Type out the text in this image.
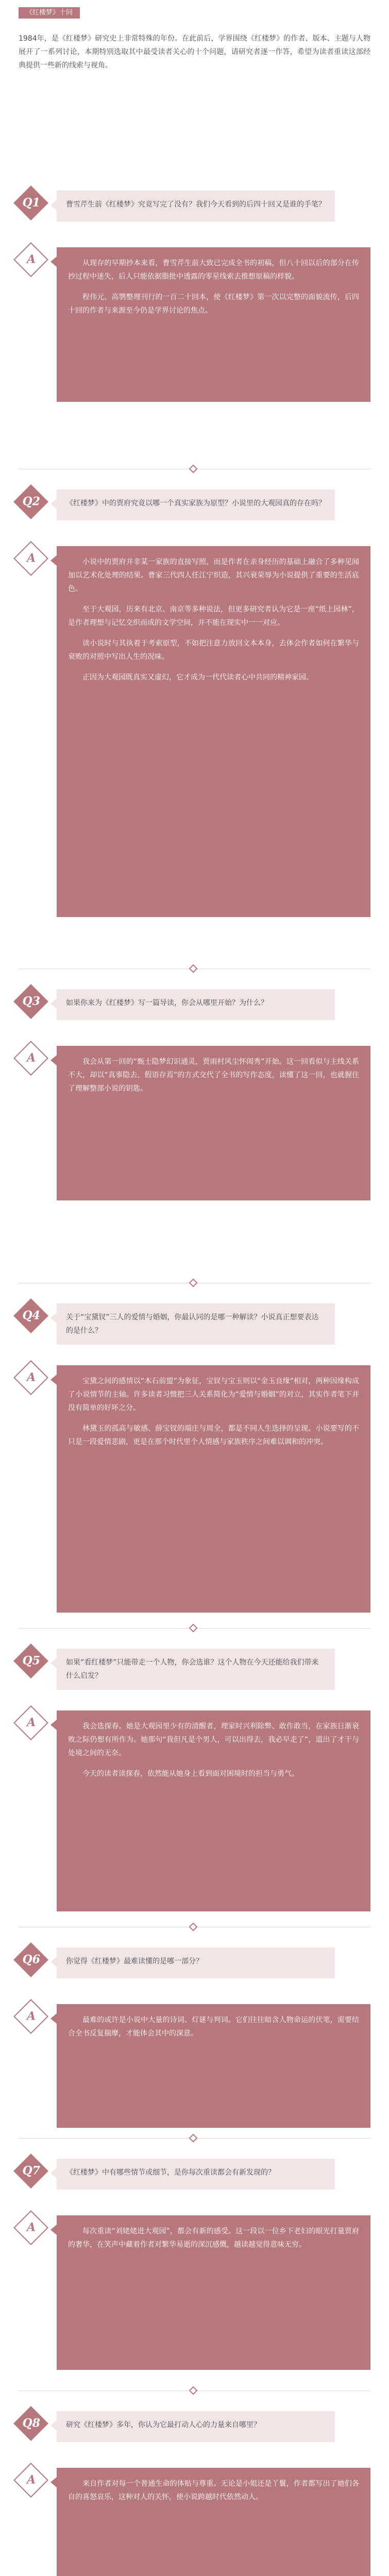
《红楼梦》十问
1984年，是《红楼梦》研究史上非常特殊的年份。在此前后，学界围绕《红楼梦》的作者、版本、主题与人物展开了一系列讨论，本期特别选取其中最受读者关心的十个问题，请研究者逐一作答，希望为读者重读这部经典提供一些新的线索与视角。
Q1	曹雪芹生前《红楼梦》究竟写完了没有？我们今天看到的后四十回又是谁的手笔？
A	从现存的早期抄本来看，曹雪芹生前大致已完成全书的初稿，但八十回以后的部分在传抄过程中迷失，后人只能依据脂批中透露的零星线索去推想原稿的样貌。

程伟元、高鹗整理刊行的一百二十回本，使《红楼梦》第一次以完整的面貌流传，后四十回的作者与来源至今仍是学界讨论的焦点。

Q2	《红楼梦》中的贾府究竟以哪一个真实家族为原型？小说里的大观园真的存在吗？
A	小说中的贾府并非某一家族的直接写照，而是作者在亲身经历的基础上融合了多种见闻加以艺术化处理的结果。曹家三代四人任江宁织造，其兴衰荣辱为小说提供了重要的生活底色。

至于大观园，历来有北京、南京等多种说法，但更多研究者认为它是一座“纸上园林”，是作者理想与记忆交织而成的文学空间，并不能在现实中一一对应。

读小说时与其执着于考索原型，不如把注意力放回文本本身，去体会作者如何在繁华与衰败的对照中写出人生的况味。

正因为大观园既真实又虚幻，它才成为一代代读者心中共同的精神家园。

Q3	如果你来为《红楼梦》写一篇导读，你会从哪里开始？为什么？
A	我会从第一回的“甄士隐梦幻识通灵，贾雨村风尘怀闺秀”开始。这一回看似与主线关系不大，却以“真事隐去、假语存焉”的方式交代了全书的写作态度，读懂了这一回，也就握住了理解整部小说的钥匙。

Q4	关于“宝黛钗”三人的爱情与婚姻，你最认同的是哪一种解读？小说真正想要表达的是什么？
A	宝黛之间的感情以“木石前盟”为象征，宝钗与宝玉则以“金玉良缘”相对，两种因缘构成了小说情节的主轴。许多读者习惯把三人关系简化为“爱情与婚姻”的对立，其实作者笔下并没有简单的好坏之分。

林黛玉的孤高与敏感、薛宝钗的端庄与周全，都是不同人生选择的呈现。小说要写的不只是一段爱情悲剧，更是在那个时代里个人情感与家族秩序之间难以调和的冲突。

Q5	如果“看红楼梦”只能带走一个人物，你会选谁？这个人物在今天还能给我们带来什么启发？
A	我会选探春。她是大观园里少有的清醒者，理家时兴利除弊、敢作敢当，在家族日渐衰败之际仍想有所作为。她那句“我但凡是个男人，可以出得去，我必早走了”，道出了才干与处境之间的无奈。

今天的读者读探春，依然能从她身上看到面对困境时的担当与勇气。

Q6	你觉得《红楼梦》最难读懂的是哪一部分？
A	最难的或许是小说中大量的诗词、灯谜与判词。它们往往暗含人物命运的伏笔，需要结合全书反复揣摩，才能体会其中的深意。

Q7	《红楼梦》中有哪些情节或细节，是你每次重读都会有新发现的？
A	每次重读“刘姥姥进大观园”，都会有新的感受。这一段以一位乡下老妇的眼光打量贾府的奢华，在笑声中藏着作者对繁华易逝的深沉感慨，越读越觉得意味无穷。

Q8	研究《红楼梦》多年，你认为它最打动人心的力量来自哪里？
A	来自作者对每一个普通生命的体贴与尊重。无论是小姐还是丫鬟，作者都写出了她们各自的喜怒哀乐，这种对人的关怀，使小说跨越时代依然动人。
